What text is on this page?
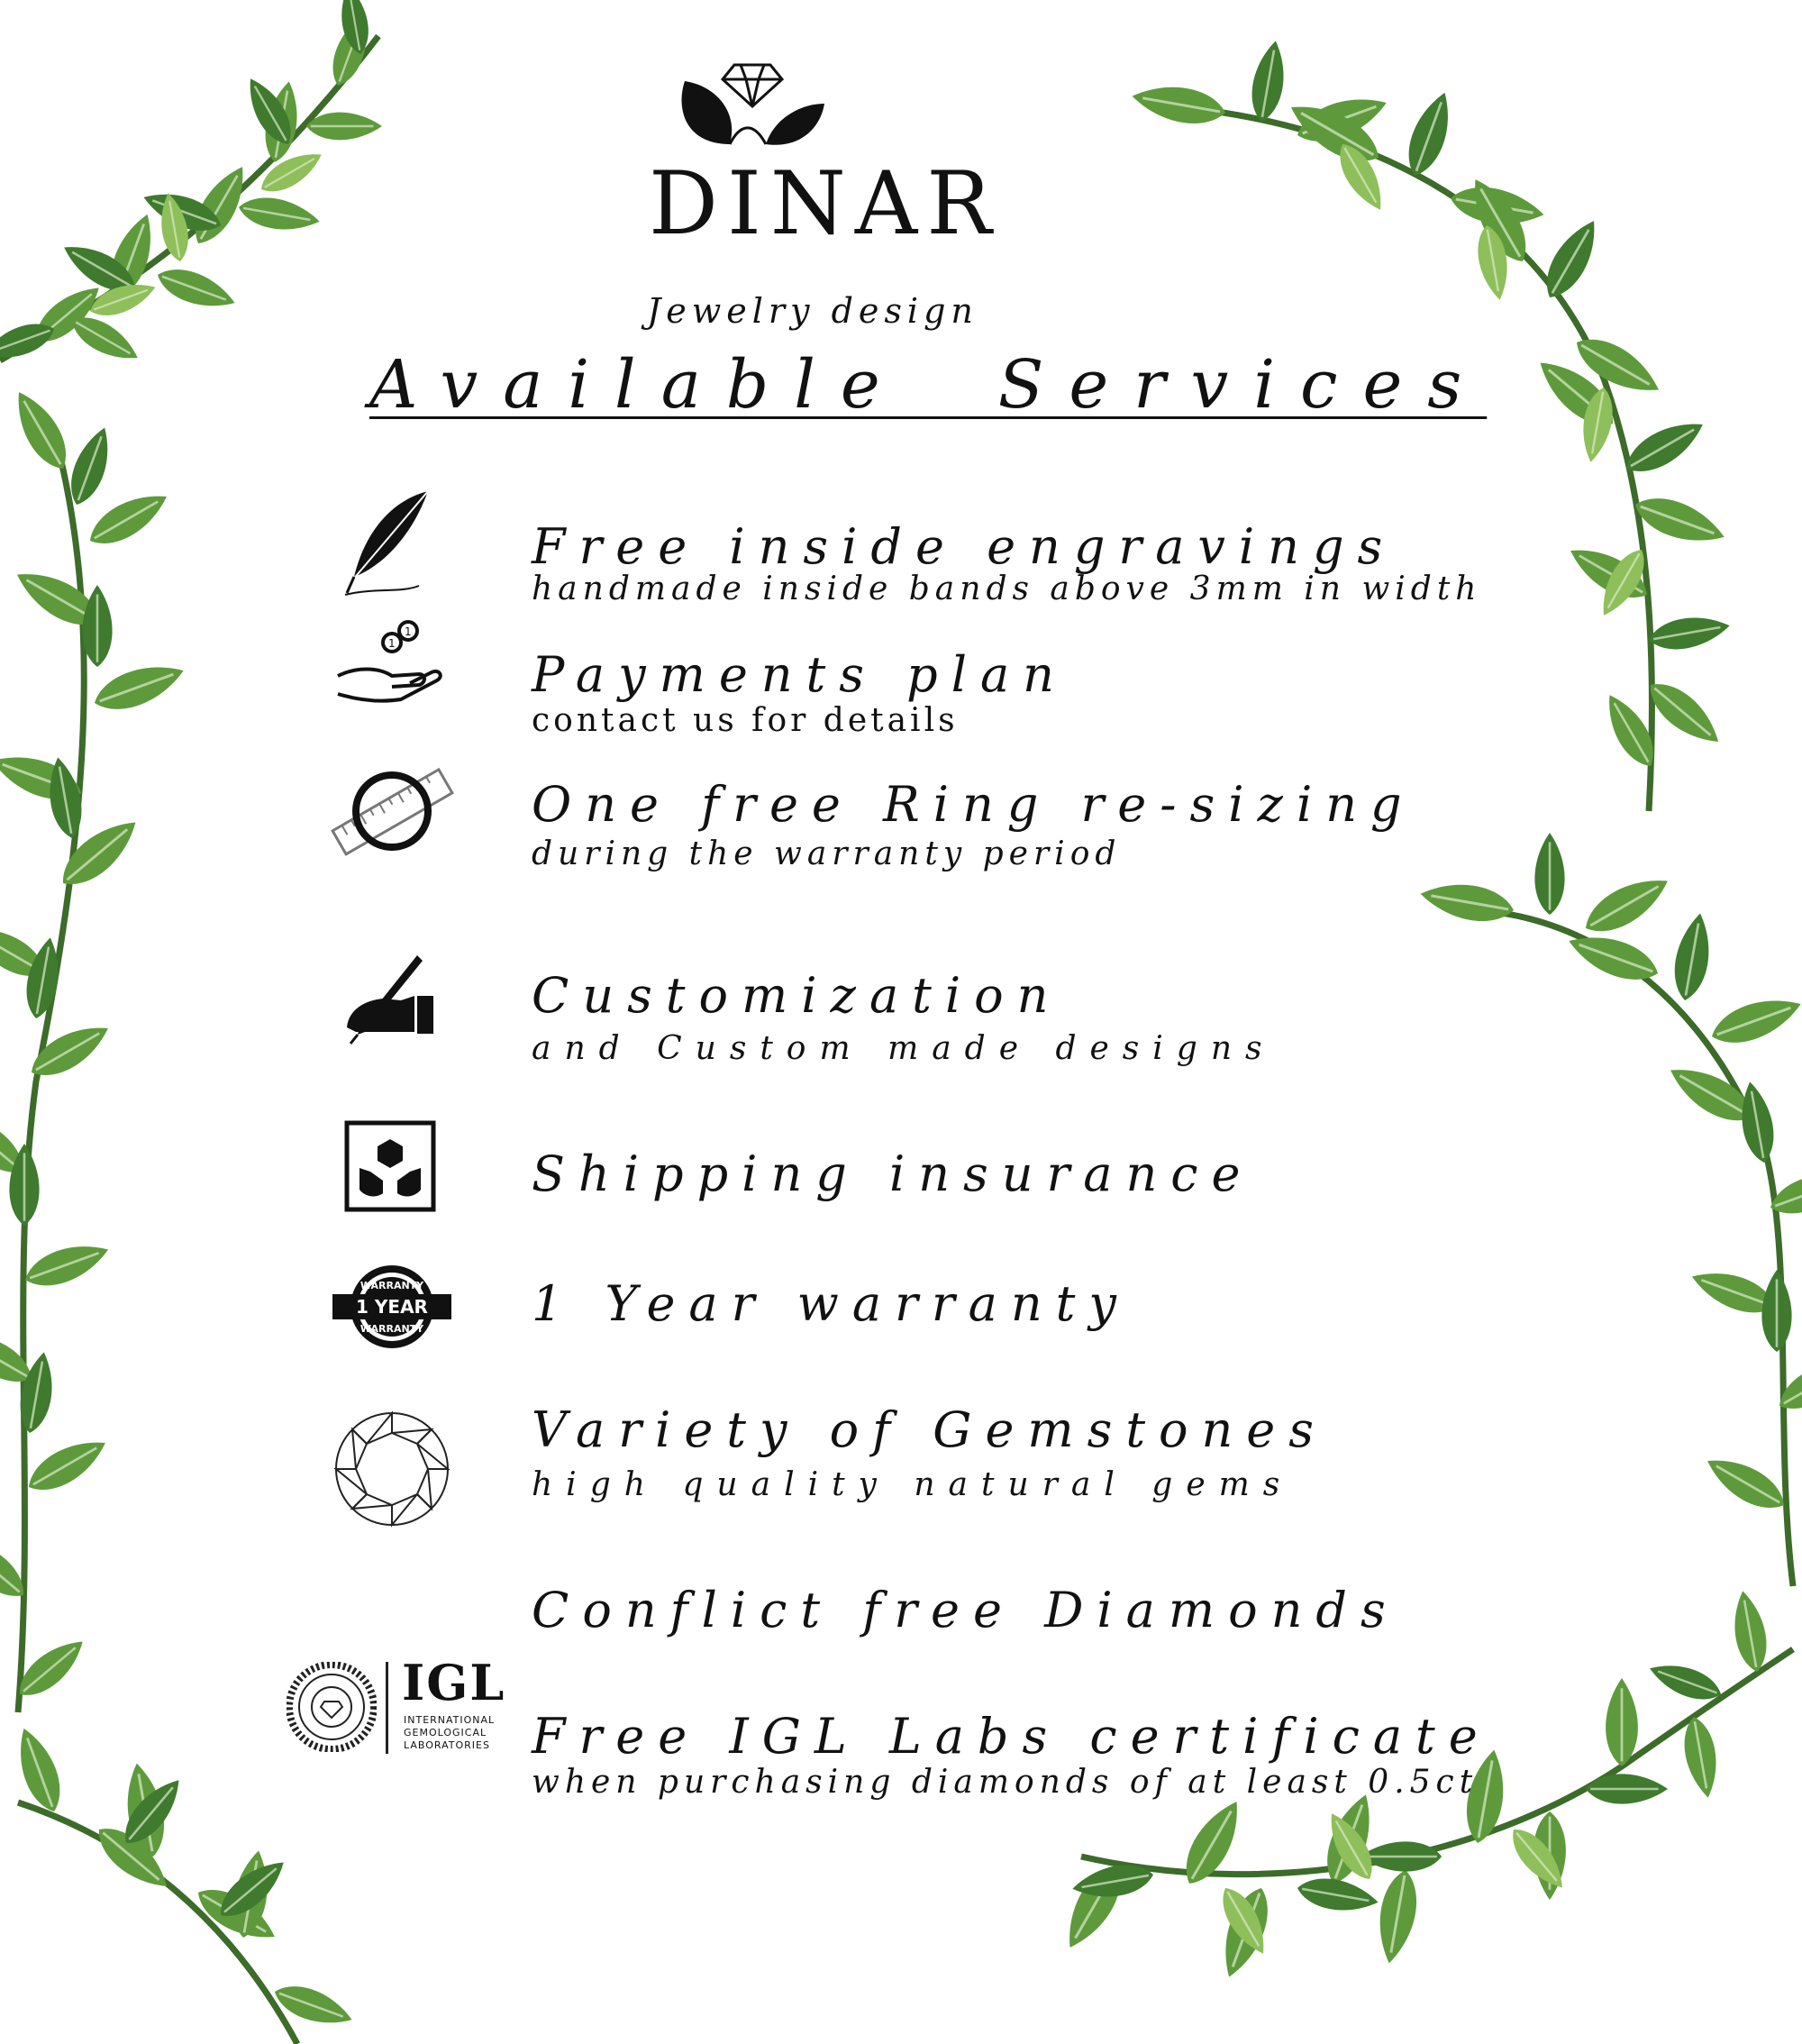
DINAR
Jewelry design
Available  Services
Free inside engravings
handmade inside bands above 3mm in width
1
1
Payments plan
contact us for details
One free Ring re-sizing
during the warranty period
Customization
and Custom made designs
Shipping insurance
WARRANTY
1 YEAR
WARRANTY 1 Year warranty
Variety of Gemstones
high quality natural gems
Conflict free Diamonds
IGL
INTERNATIONAL
GEMOLOGICAL
LABORATORIES Free IGL Labs certificate
when purchasing diamonds of at least 0.5ct
